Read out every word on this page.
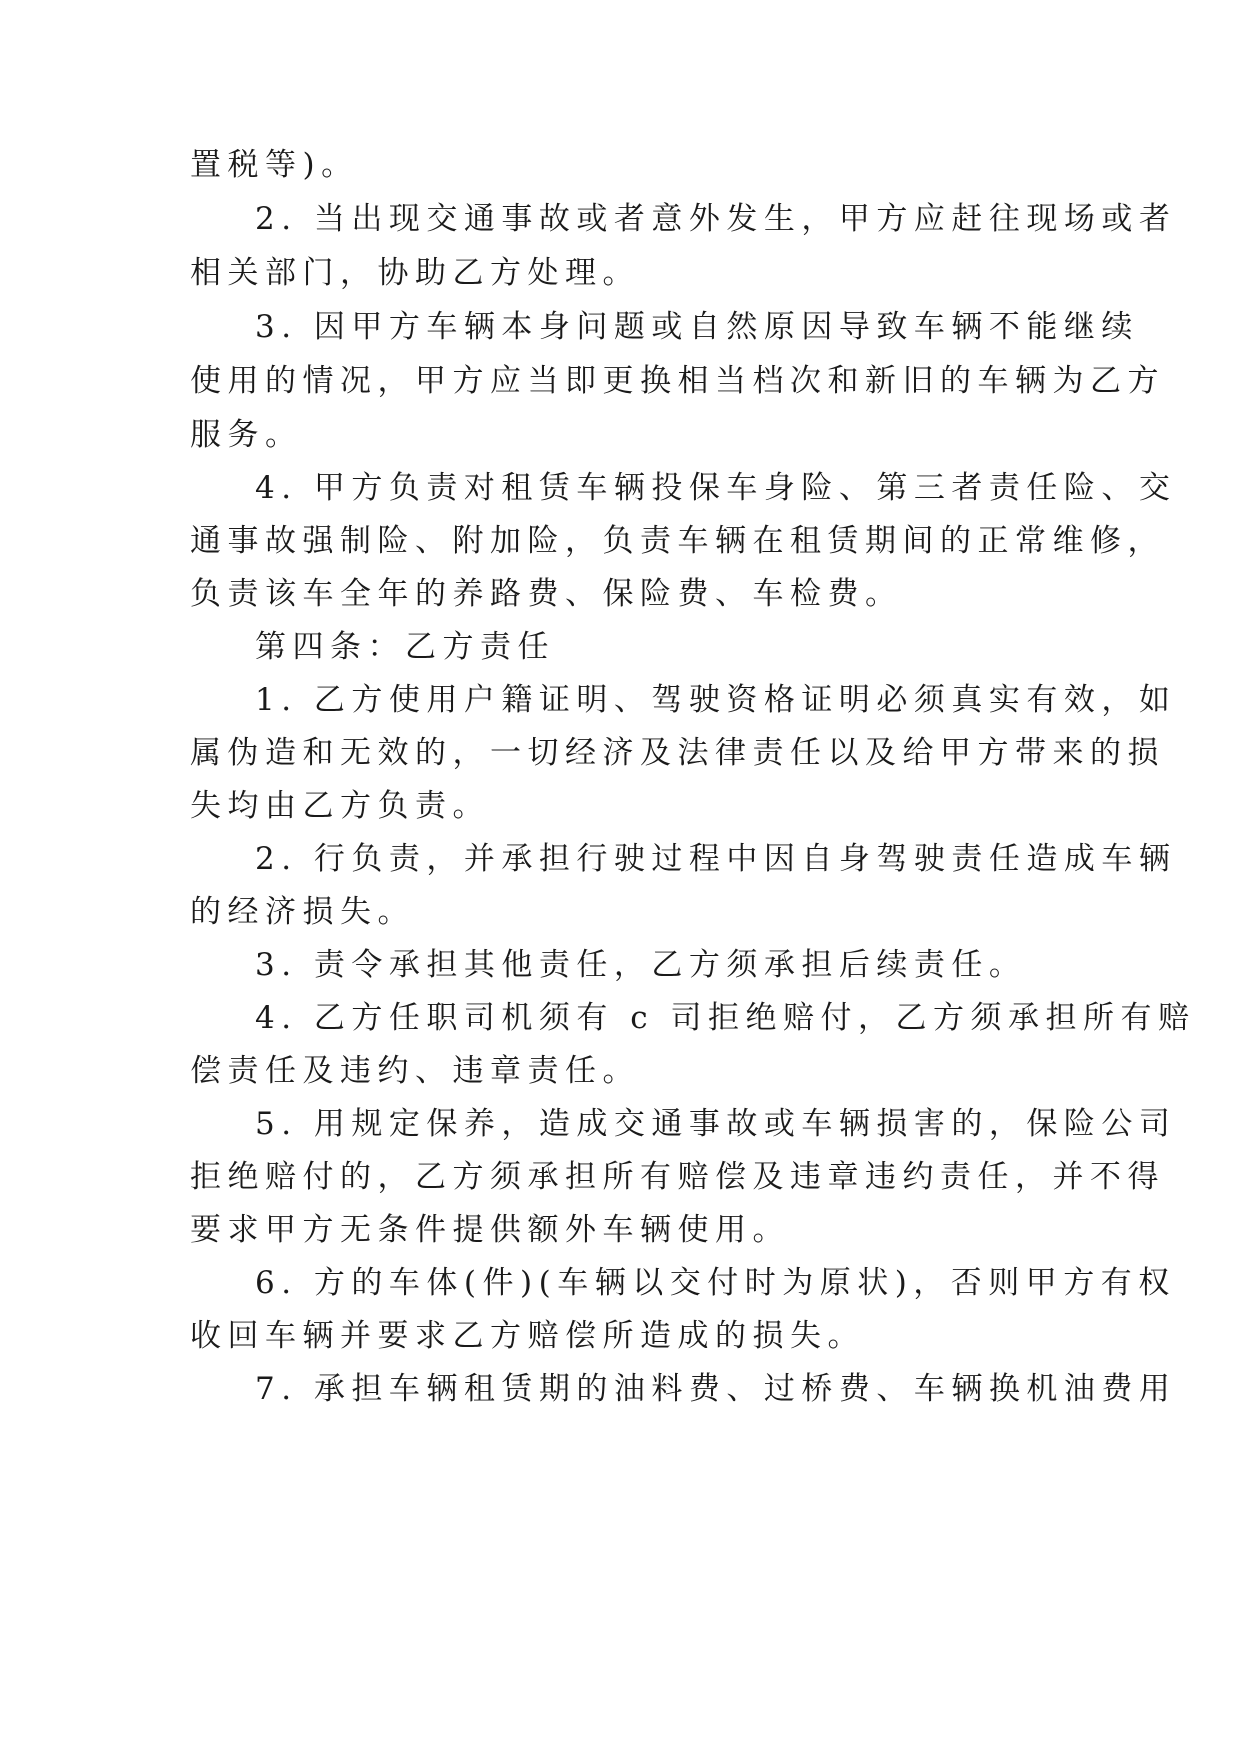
置税等)。
2. 当出现交通事故或者意外发生，甲方应赶往现场或者
相关部门，协助乙方处理。
3. 因甲方车辆本身问题或自然原因导致车辆不能继续
使用的情况，甲方应当即更换相当档次和新旧的车辆为乙方
服务。
4. 甲方负责对租赁车辆投保车身险、第三者责任险、交
通事故强制险、附加险，负责车辆在租赁期间的正常维修，
负责该车全年的养路费、保险费、车检费。
第四条：乙方责任
1. 乙方使用户籍证明、驾驶资格证明必须真实有效，如
属伪造和无效的，一切经济及法律责任以及给甲方带来的损
失均由乙方负责。
2. 行负责，并承担行驶过程中因自身驾驶责任造成车辆
的经济损失。
3. 责令承担其他责任，乙方须承担后续责任。
4. 乙方任职司机须有 c 司拒绝赔付，乙方须承担所有赔
偿责任及违约、违章责任。
5. 用规定保养，造成交通事故或车辆损害的，保险公司
拒绝赔付的，乙方须承担所有赔偿及违章违约责任，并不得
要求甲方无条件提供额外车辆使用。
6. 方的车体(件)(车辆以交付时为原状)，否则甲方有权
收回车辆并要求乙方赔偿所造成的损失。
7. 承担车辆租赁期的油料费、过桥费、车辆换机油费用
